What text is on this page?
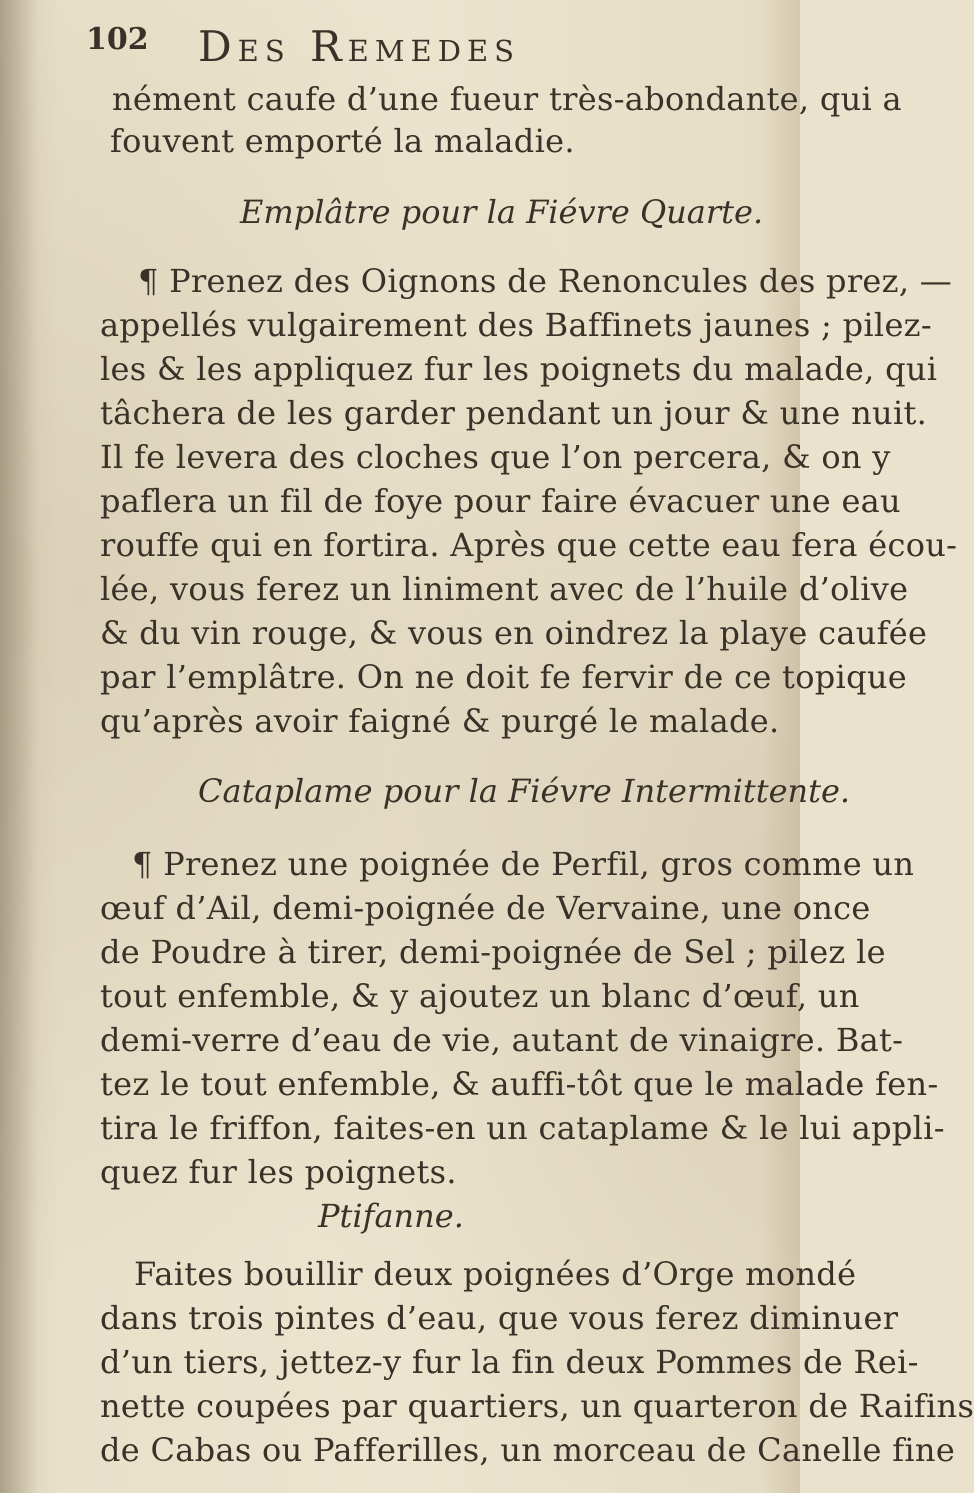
102 Des Remedes
nément caufe d’une fueur très-abondante, qui a
fouvent emporté la maladie.
Emplâtre pour la Fiévre Quarte.
¶ Prenez des Oignons de Renoncules des prez, —
appellés vulgairement des Baffinets jaunes ; pilez-
les & les appliquez fur les poignets du malade, qui
tâchera de les garder pendant un jour & une nuit.
Il fe levera des cloches que l’on percera, & on y
paflera un fil de foye pour faire évacuer une eau
rouffe qui en fortira. Après que cette eau fera écou-
lée, vous ferez un liniment avec de l’huile d’olive
& du vin rouge, & vous en oindrez la playe caufée
par l’emplâtre. On ne doit fe fervir de ce topique
qu’après avoir faigné & purgé le malade.
Cataplame pour la Fiévre Intermittente.
¶ Prenez une poignée de Perfil, gros comme un
œuf d’Ail, demi-poignée de Vervaine, une once
de Poudre à tirer, demi-poignée de Sel ; pilez le
tout enfemble, & y ajoutez un blanc d’œuf, un
demi-verre d’eau de vie, autant de vinaigre. Bat-
tez le tout enfemble, & auffi-tôt que le malade fen-
tira le friffon, faites-en un cataplame & le lui appli-
quez fur les poignets.
Ptifanne.
Faites bouillir deux poignées d’Orge mondé
dans trois pintes d’eau, que vous ferez diminuer
d’un tiers, jettez-y fur la fin deux Pommes de Rei-
nette coupées par quartiers, un quarteron de Raifins
de Cabas ou Pafferilles, un morceau de Canelle fine
